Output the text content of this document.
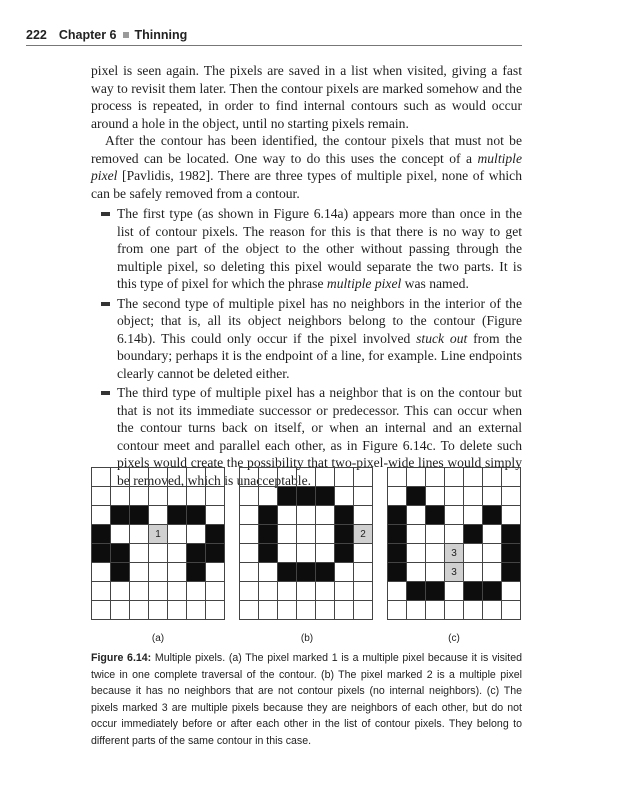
222 Chapter 6 Thinning

pixel is seen again. The pixels are saved in a list when visited, giving a fast way to revisit them later. Then the contour pixels are marked somehow and the process is repeated, in order to find internal contours such as would occur around a hole in the object, until no starting pixels remain.

After the contour has been identified, the contour pixels that must not be removed can be located. One way to do this uses the concept of a multiple pixel [Pavlidis, 1982]. There are three types of multiple pixel, none of which can be safely removed from a contour.

The first type (as shown in Figure 6.14a) appears more than once in the list of contour pixels. The reason for this is that there is no way to get from one part of the object to the other without passing through the multiple pixel, so deleting this pixel would separate the two parts. It is this type of pixel for which the phrase multiple pixel was named.
The second type of multiple pixel has no neighbors in the interior of the object; that is, all its object neighbors belong to the contour (Figure 6.14b). This could only occur if the pixel involved stuck out from the boundary; perhaps it is the endpoint of a line, for example. Line endpoints clearly cannot be deleted either.
The third type of multiple pixel has a neighbor that is on the contour but that is not its immediate successor or predecessor. This can occur when the contour turns back on itself, or when an internal and an external contour meet and parallel each other, as in Figure 6.14c. To delete such pixels would create the possibility that two-pixel-wide lines would simply be removed, which is unacceptable.
1	2
3
3
(a)	(b)	(c)
Figure 6.14: Multiple pixels. (a) The pixel marked 1 is a multiple pixel because it is visited twice in one complete traversal of the contour. (b) The pixel marked 2 is a multiple pixel because it has no neighbors that are not contour pixels (no internal neighbors). (c) The pixels marked 3 are multiple pixels because they are neighbors of each other, but do not occur immediately before or after each other in the list of contour pixels. They belong to different parts of the same contour in this case.
